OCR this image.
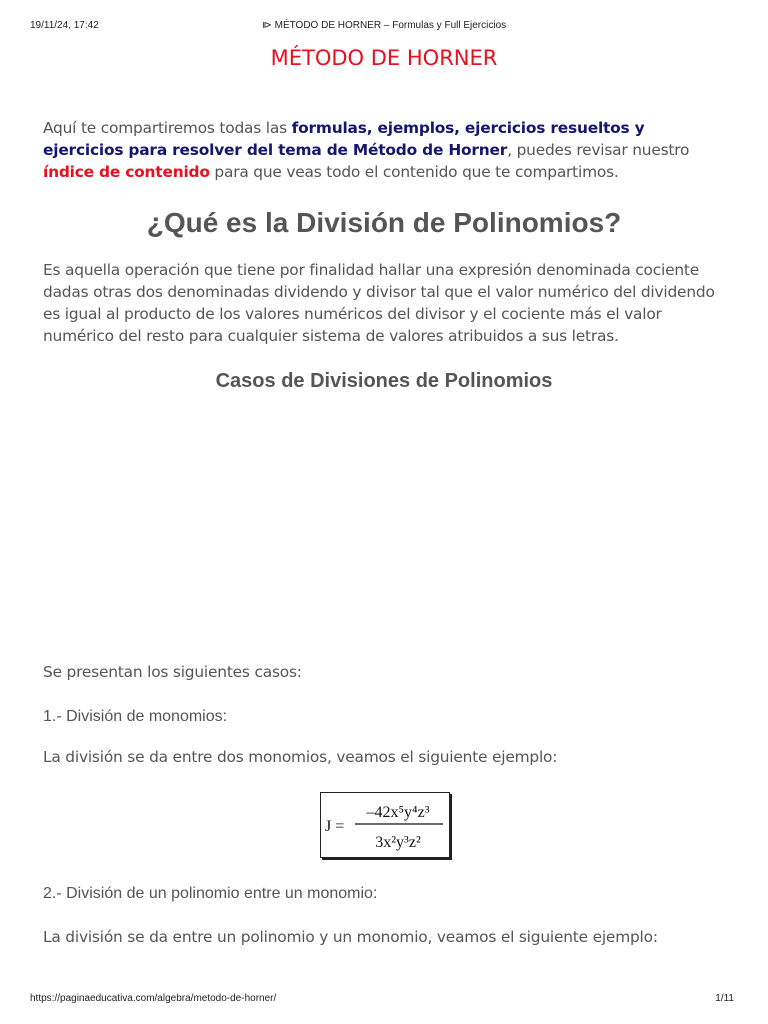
19/11/24, 17:42	⧐ MÉTODO DE HORNER – Formulas y Full Ejercicios
MÉTODO DE HORNER
Aquí te compartiremos todas las formulas, ejemplos, ejercicios resueltos y ejercicios para resolver del tema de Método de Horner, puedes revisar nuestro índice de contenido para que veas todo el contenido que te compartimos.
¿Qué es la División de Polinomios?
Es aquella operación que tiene por finalidad hallar una expresión denominada cociente dadas otras dos denominadas dividendo y divisor tal que el valor numérico del dividendo es igual al producto de los valores numéricos del divisor y el cociente más el valor numérico del resto para cualquier sistema de valores atribuidos a sus letras.
Casos de Divisiones de Polinomios
Se presentan los siguientes casos:
1.- División de monomios:
La división se da entre dos monomios, veamos el siguiente ejemplo:
J =
–42x⁵y⁴z³
3x²y³z²
2.- División de un polinomio entre un monomio:
La división se da entre un polinomio y un monomio, veamos el siguiente ejemplo:
https://paginaeducativa.com/algebra/metodo-de-horner/	1/11
